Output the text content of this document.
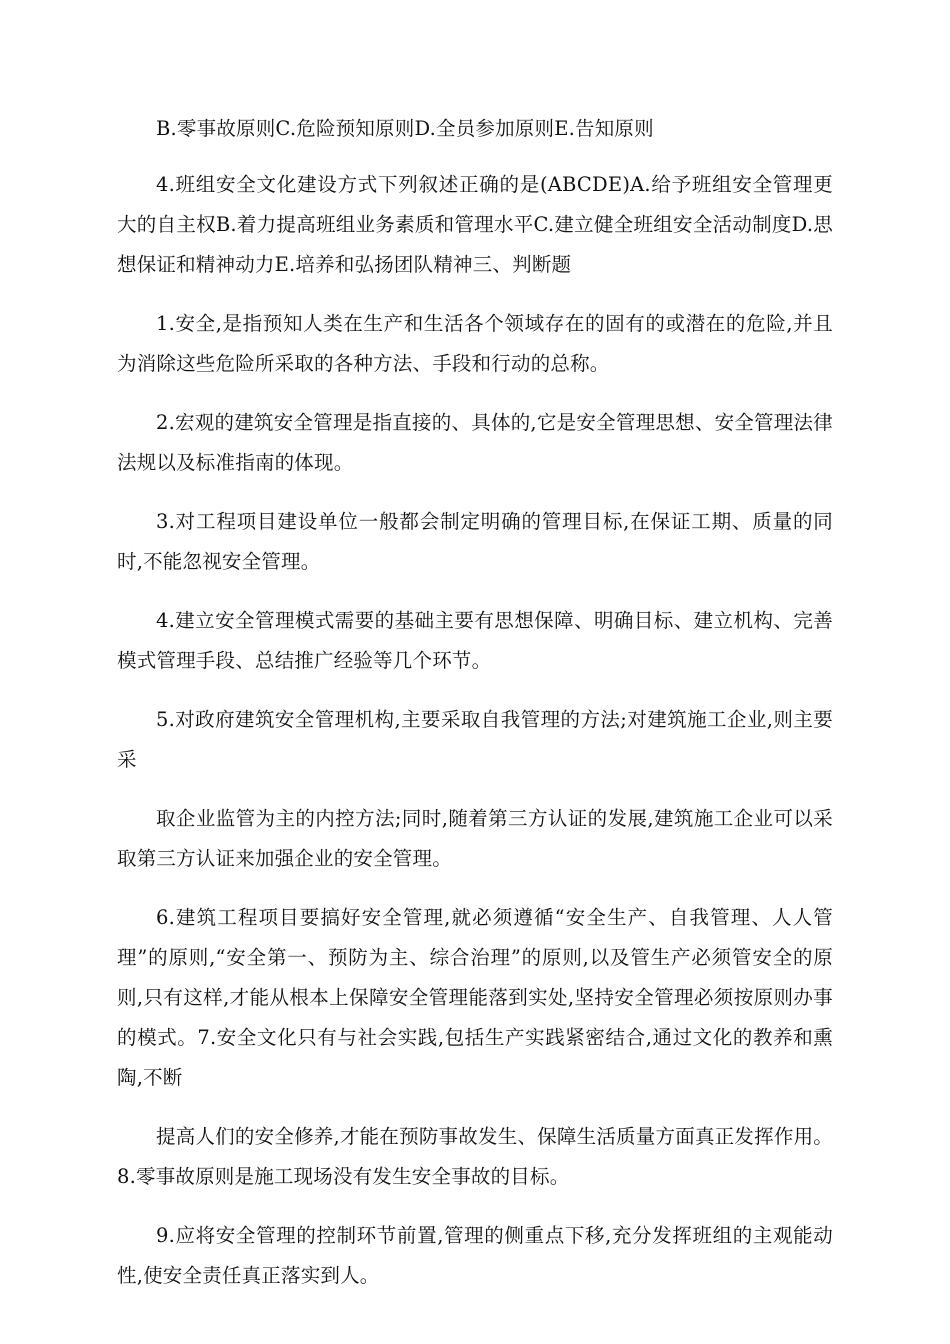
B.零事故原则C.危险预知原则D.全员参加原则E.告知原则

4.班组安全文化建设方式下列叙述正确的是(ABCDE)A.给予班组安全管理更大的自主权B.着力提高班组业务素质和管理水平C.建立健全班组安全活动制度D.思想保证和精神动力E.培养和弘扬团队精神三、判断题

1.安全,是指预知人类在生产和生活各个领域存在的固有的或潜在的危险,并且为消除这些危险所采取的各种方法、手段和行动的总称。

2.宏观的建筑安全管理是指直接的、具体的,它是安全管理思想、安全管理法律法规以及标准指南的体现。

3.对工程项目建设单位一般都会制定明确的管理目标,在保证工期、质量的同时,不能忽视安全管理。

4.建立安全管理模式需要的基础主要有思想保障、明确目标、建立机构、完善模式管理手段、总结推广经验等几个环节。

5.对政府建筑安全管理机构,主要采取自我管理的方法;对建筑施工企业,则主要采

取企业监管为主的内控方法;同时,随着第三方认证的发展,建筑施工企业可以采取第三方认证来加强企业的安全管理。

6.建筑工程项目要搞好安全管理,就必须遵循“安全生产、自我管理、人人管理”的原则,“安全第一、预防为主、综合治理”的原则,以及管生产必须管安全的原则,只有这样,才能从根本上保障安全管理能落到实处,坚持安全管理必须按原则办事的模式。7.安全文化只有与社会实践,包括生产实践紧密结合,通过文化的教养和熏陶,不断

提高人们的安全修养,才能在预防事故发生、保障生活质量方面真正发挥作用。8.零事故原则是施工现场没有发生安全事故的目标。

9.应将安全管理的控制环节前置,管理的侧重点下移,充分发挥班组的主观能动性,使安全责任真正落实到人。
